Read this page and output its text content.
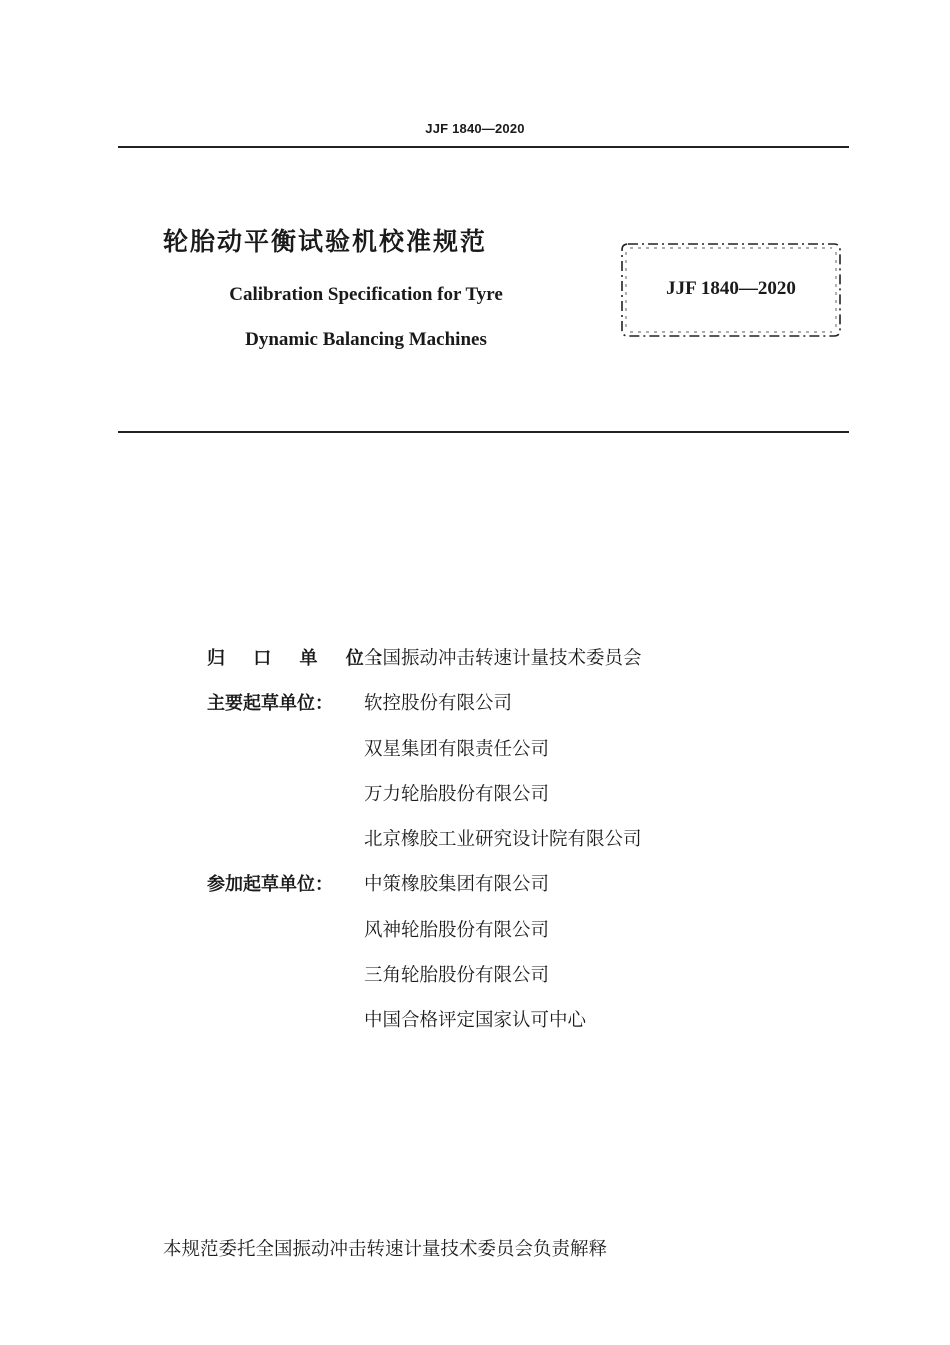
JJF 1840—2020
轮胎动平衡试验机校准规范
Calibration Specification for Tyre
Dynamic Balancing Machines
JJF 1840—2020
归 口 单 位：
全国振动冲击转速计量技术委员会
主要起草单位：	软控股份有限公司
双星集团有限责任公司
万力轮胎股份有限公司
北京橡胶工业研究设计院有限公司
参加起草单位：	中策橡胶集团有限公司
风神轮胎股份有限公司
三角轮胎股份有限公司
中国合格评定国家认可中心
本规范委托全国振动冲击转速计量技术委员会负责解释
